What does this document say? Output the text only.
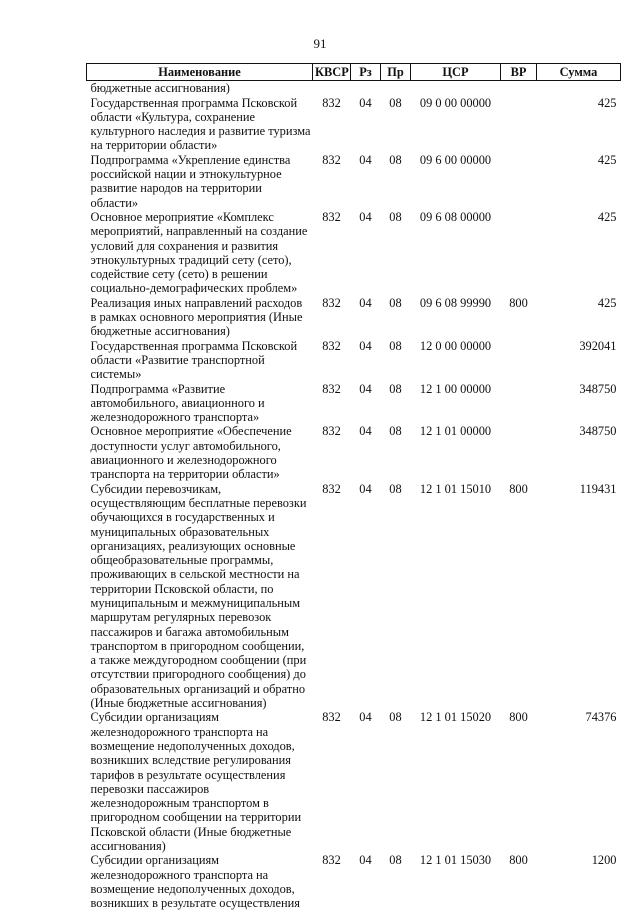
91
Наименование	КВСР	Рз	Пр	ЦСР	ВР	Сумма
бюджетные ассигнования)						
Государственная программа Псковской области «Культура, сохранение культурного наследия и развитие туризма на территории области»	832	04	08	09 0 00 00000		425
Подпрограмма «Укрепление единства российской нации и этнокультурное развитие народов на территории области»	832	04	08	09 6 00 00000		425
Основное мероприятие «Комплекс мероприятий, направленный на создание условий для сохранения и развития этнокультурных традиций сету (сето), содействие сету (сето) в решении социально-демографических проблем»	832	04	08	09 6 08 00000		425
Реализация иных направлений расходов в рамках основного мероприятия (Иные бюджетные ассигнования)	832	04	08	09 6 08 99990	800	425
Государственная программа Псковской области «Развитие транспортной системы»	832	04	08	12 0 00 00000		392041
Подпрограмма «Развитие автомобильного, авиационного и железнодорожного транспорта»	832	04	08	12 1 00 00000		348750
Основное мероприятие «Обеспечение доступности услуг автомобильного, авиационного и железнодорожного транспорта на территории области»	832	04	08	12 1 01 00000		348750
Субсидии перевозчикам, осуществляющим бесплатные перевозки обучающихся в государственных и муниципальных образовательных организациях, реализующих основные общеобразовательные программы, проживающих в сельской местности на территории Псковской области, по муниципальным и межмуниципальным маршрутам регулярных перевозок пассажиров и багажа автомобильным транспортом в пригородном сообщении, а также междугородном сообщении (при отсутствии пригородного сообщения) до образовательных организаций и обратно (Иные бюджетные ассигнования)	832	04	08	12 1 01 15010	800	119431
Субсидии организациям железнодорожного транспорта на возмещение недополученных доходов, возникших вследствие регулирования тарифов в результате осуществления перевозки пассажиров железнодорожным транспортом в пригородном сообщении на территории Псковской области (Иные бюджетные ассигнования)	832	04	08	12 1 01 15020	800	74376
Субсидии организациям железнодорожного транспорта на возмещение недополученных доходов, возникших в результате осуществления	832	04	08	12 1 01 15030	800	1200
